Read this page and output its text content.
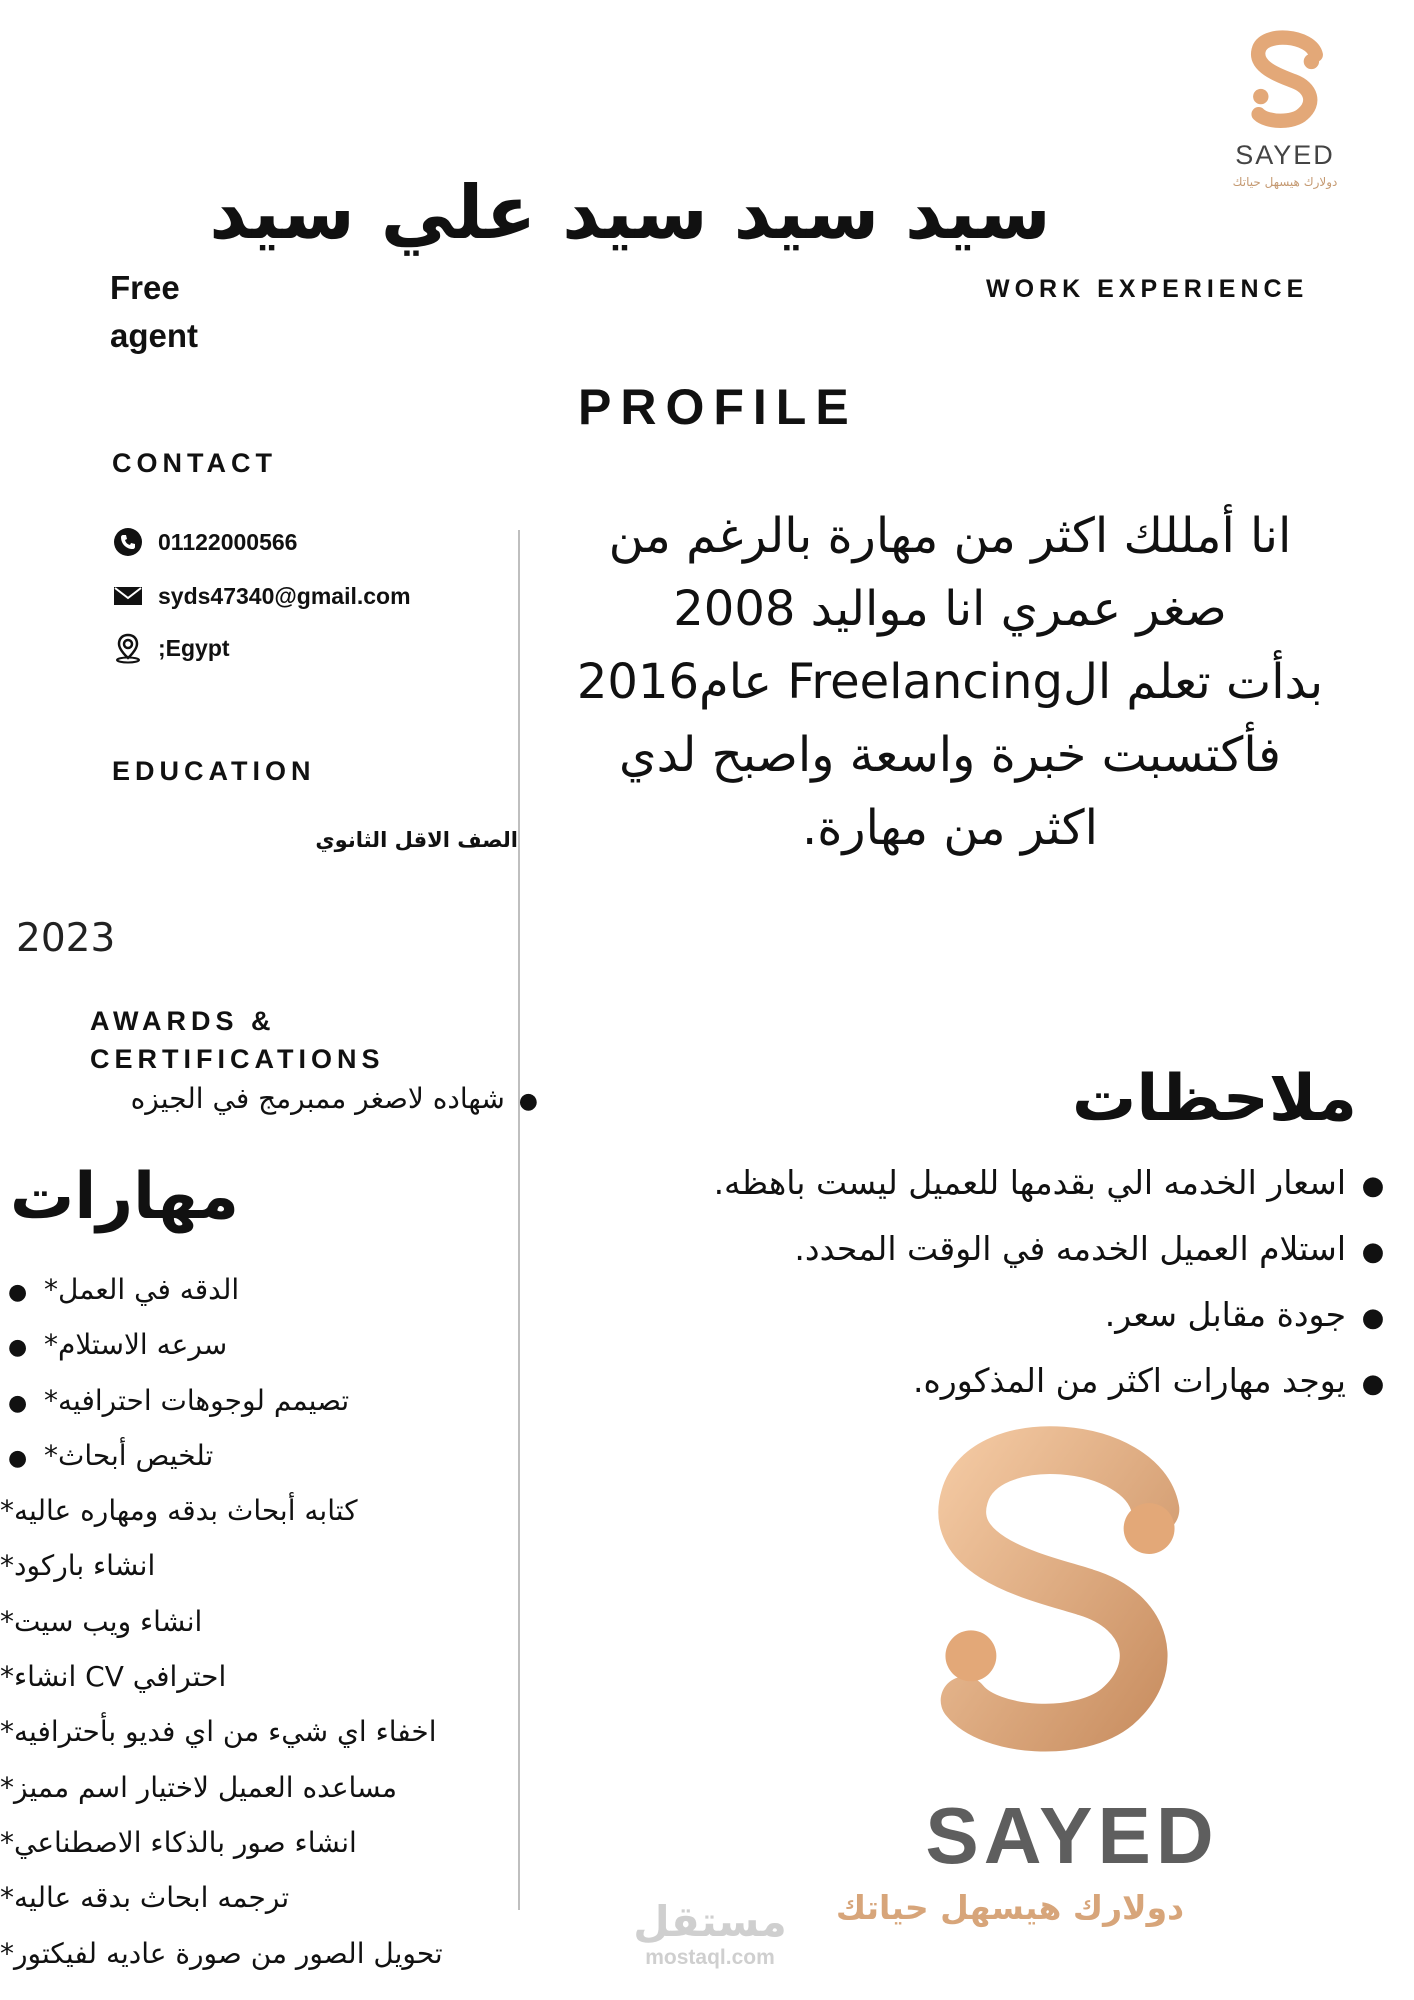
SAYED
دولارك هيسهل حياتك
سيد سيد سيد علي سيد
Free agent
WORK EXPERIENCE
PROFILE
CONTACT
01122000566
syds47340@gmail.com
;Egypt
انا أمللك اكثر من مهارة بالرغم من
صغر عمري انا مواليد 2008
بدأت تعلم الFreelancing عام2016
فأكتسبت خبرة واسعة واصبح لدي
اكثر من مهارة.
EDUCATION
الصف الاقل الثانوي
2023
AWARDS & CERTIFICATIONS
●شهاده لاصغر ممبرمج في الجيزه
مهارات
● الدقه في العمل*
● سرعه الاستلام*
● تصيمم لوجوهات احترافيه*
● تلخيص أبحاث*
كتابه أبحاث بدقه ومهاره عاليه*
انشاء باركود*
انشاء ويب سيت*
احترافي CV انشاء*
اخفاء اي شيء من اي فديو بأحترافيه*
مساعده العميل لاختيار اسم مميز*
انشاء صور بالذكاء الاصطناعي*
ترجمه ابحاث بدقه عاليه*
تحويل الصور من صورة عاديه لفيكتور*
ملاحظات
●اسعار الخدمه الي بقدمها للعميل ليست باهظه.
●استلام العميل الخدمه في الوقت المحدد.
●جودة مقابل سعر.
●يوجد مهارات اكثر من المذكوره.
SAYED
دولارك هيسهل حياتك
مستقل
mostaql.com
